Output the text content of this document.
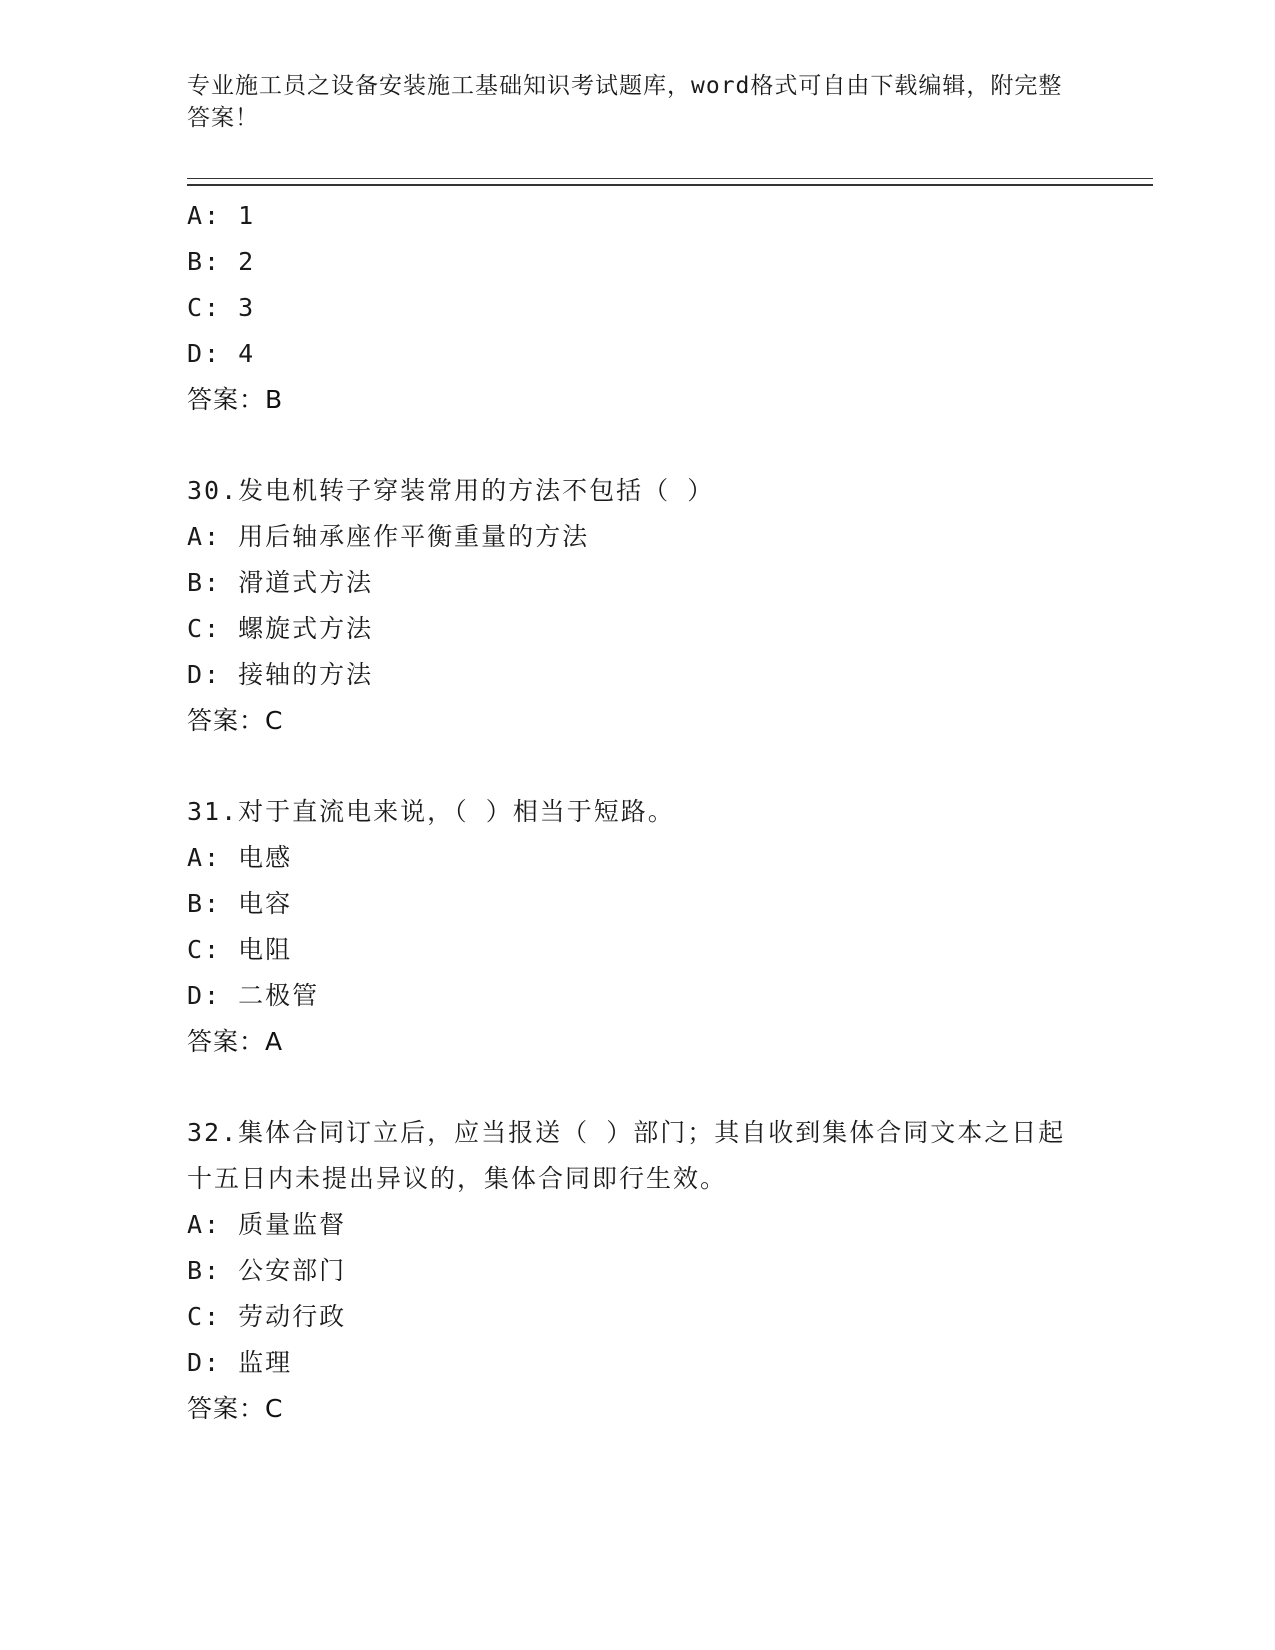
专业施工员之设备安装施工基础知识考试题库，word格式可自由下载编辑，附完整答案！
A: 1
B: 2
C: 3
D: 4
答案：B
30.发电机转子穿装常用的方法不包括（ ）
A: 用后轴承座作平衡重量的方法
B: 滑道式方法
C: 螺旋式方法
D: 接轴的方法
答案：C
31.对于直流电来说，（ ）相当于短路。
A: 电感
B: 电容
C: 电阻
D: 二极管
答案：A
32.集体合同订立后，应当报送（ ）部门；其自收到集体合同文本之日起十五日内未提出异议的，集体合同即行生效。
A: 质量监督
B: 公安部门
C: 劳动行政
D: 监理
答案：C
